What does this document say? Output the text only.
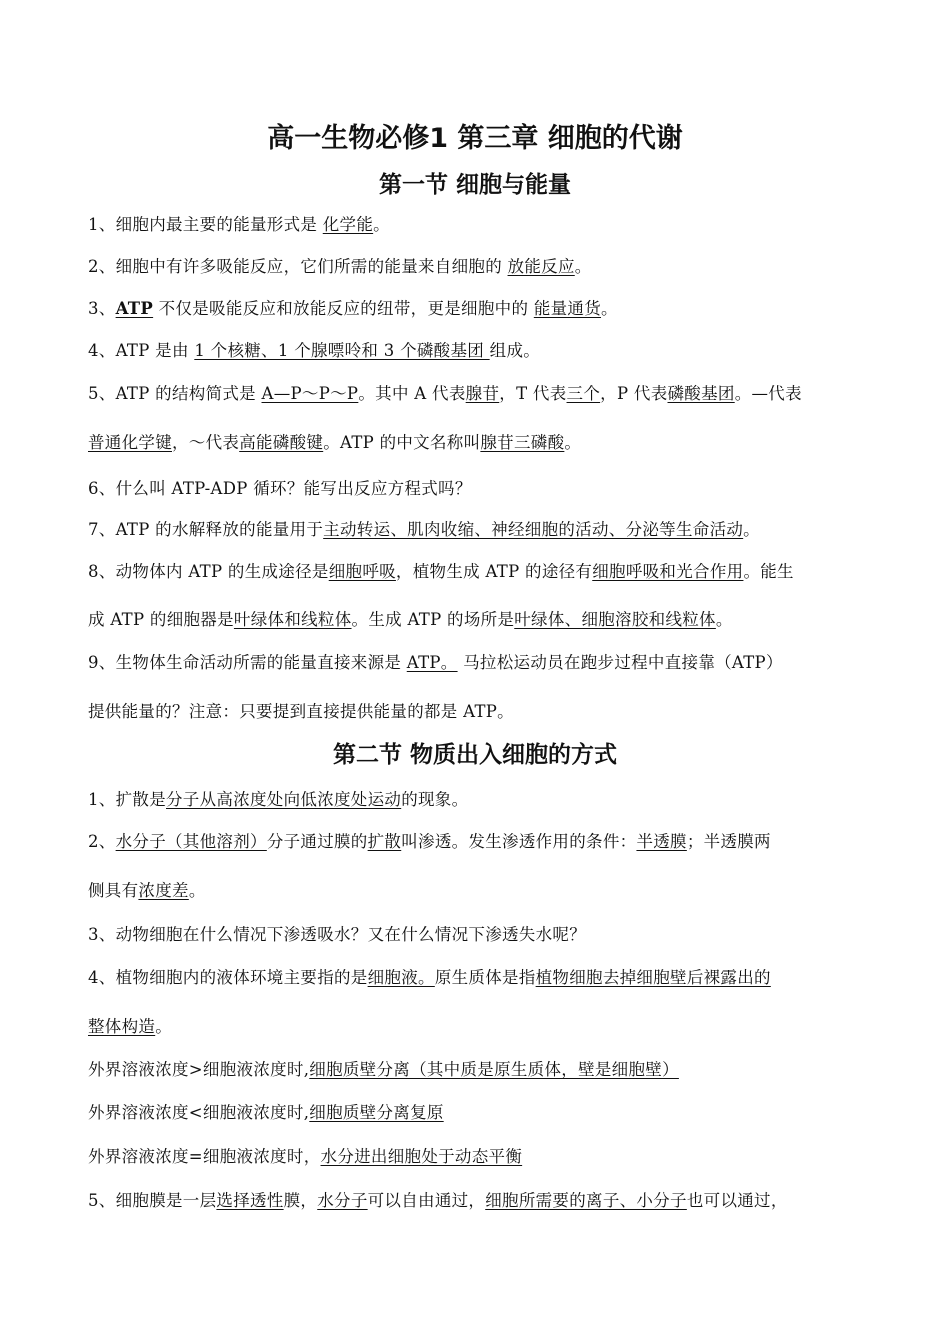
高一生物必修1 第三章 细胞的代谢
第一节 细胞与能量
1、细胞内最主要的能量形式是 化学能。
2、细胞中有许多吸能反应，它们所需的能量来自细胞的 放能反应。
3、ATP 不仅是吸能反应和放能反应的纽带，更是细胞中的 能量通货。
4、ATP 是由 1 个核糖、1 个腺嘌呤和 3 个磷酸基团 组成。
5、ATP 的结构简式是 A—P～P～P。其中 A 代表腺苷，T 代表三个，P 代表磷酸基团。—代表
普通化学键，～代表高能磷酸键。ATP 的中文名称叫腺苷三磷酸。
6、什么叫 ATP-ADP 循环？能写出反应方程式吗？
7、ATP 的水解释放的能量用于主动转运、肌肉收缩、神经细胞的活动、分泌等生命活动。
8、动物体内 ATP 的生成途径是细胞呼吸，植物生成 ATP 的途径有细胞呼吸和光合作用。能生
成 ATP 的细胞器是叶绿体和线粒体。生成 ATP 的场所是叶绿体、细胞溶胶和线粒体。
9、生物体生命活动所需的能量直接来源是 ATP。 马拉松运动员在跑步过程中直接靠（ATP）
提供能量的？注意：只要提到直接提供能量的都是 ATP。
第二节 物质出入细胞的方式
1、扩散是分子从高浓度处向低浓度处运动的现象。
2、水分子（其他溶剂）分子通过膜的扩散叫渗透。发生渗透作用的条件：半透膜；半透膜两
侧具有浓度差。
3、动物细胞在什么情况下渗透吸水？又在什么情况下渗透失水呢？
4、植物细胞内的液体环境主要指的是细胞液。原生质体是指植物细胞去掉细胞壁后裸露出的
整体构造。
外界溶液浓度>细胞液浓度时,细胞质壁分离（其中质是原生质体，壁是细胞壁）
外界溶液浓度<细胞液浓度时,细胞质壁分离复原
外界溶液浓度=细胞液浓度时，水分进出细胞处于动态平衡
5、细胞膜是一层选择透性膜，水分子可以自由通过，细胞所需要的离子、小分子也可以通过，
